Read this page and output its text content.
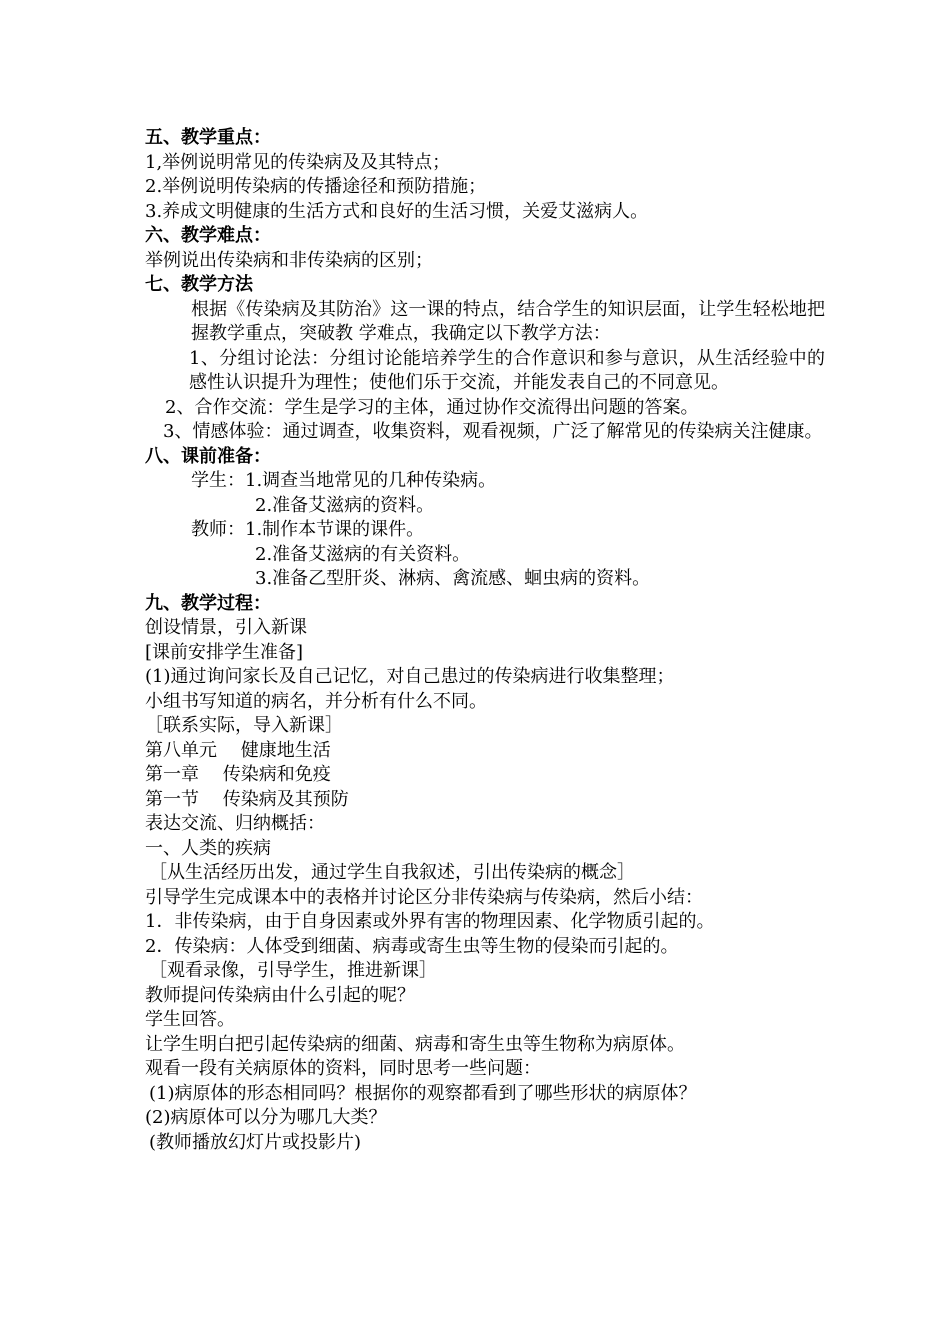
五、教学重点：
1,举例说明常见的传染病及及其特点；
2.举例说明传染病的传播途径和预防措施；
3.养成文明健康的生活方式和良好的生活习惯，关爱艾滋病人。
六、教学难点：
举例说出传染病和非传染病的区别；
七、教学方法
根据《传染病及其防治》这一课的特点，结合学生的知识层面，让学生轻松地把握教学重点，突破教 学难点，我确定以下教学方法：
1、分组讨论法：分组讨论能培养学生的合作意识和参与意识，从生活经验中的感性认识提升为理性；使他们乐于交流，并能发表自己的不同意见。
2、合作交流：学生是学习的主体，通过协作交流得出问题的答案。
3、情感体验：通过调查，收集资料，观看视频，广泛了解常见的传染病关注健康。
八、课前准备：
学生：1.调查当地常见的几种传染病。
2.准备艾滋病的资料。
教师：1.制作本节课的课件。
2.准备艾滋病的有关资料。
3.准备乙型肝炎、淋病、禽流感、蛔虫病的资料。
九、教学过程：
创设情景，引入新课
[课前安排学生准备]
(1)通过询问家长及自己记忆，对自己患过的传染病进行收集整理；
小组书写知道的病名，并分析有什么不同。
［联系实际，导入新课］
第八单元　 健康地生活
第一章　 传染病和免疫
第一节　 传染病及其预防
表达交流、归纳概括：
一、人类的疾病
［从生活经历出发，通过学生自我叙述，引出传染病的概念］
引导学生完成课本中的表格并讨论区分非传染病与传染病，然后小结：
1．非传染病，由于自身因素或外界有害的物理因素、化学物质引起的。
2．传染病：人体受到细菌、病毒或寄生虫等生物的侵染而引起的。
［观看录像，引导学生，推进新课］
教师提问传染病由什么引起的呢？
学生回答。
让学生明白把引起传染病的细菌、病毒和寄生虫等生物称为病原体。
观看一段有关病原体的资料，同时思考一些问题：
(1)病原体的形态相同吗？根据你的观察都看到了哪些形状的病原体？
(2)病原体可以分为哪几大类？
(教师播放幻灯片或投影片)
